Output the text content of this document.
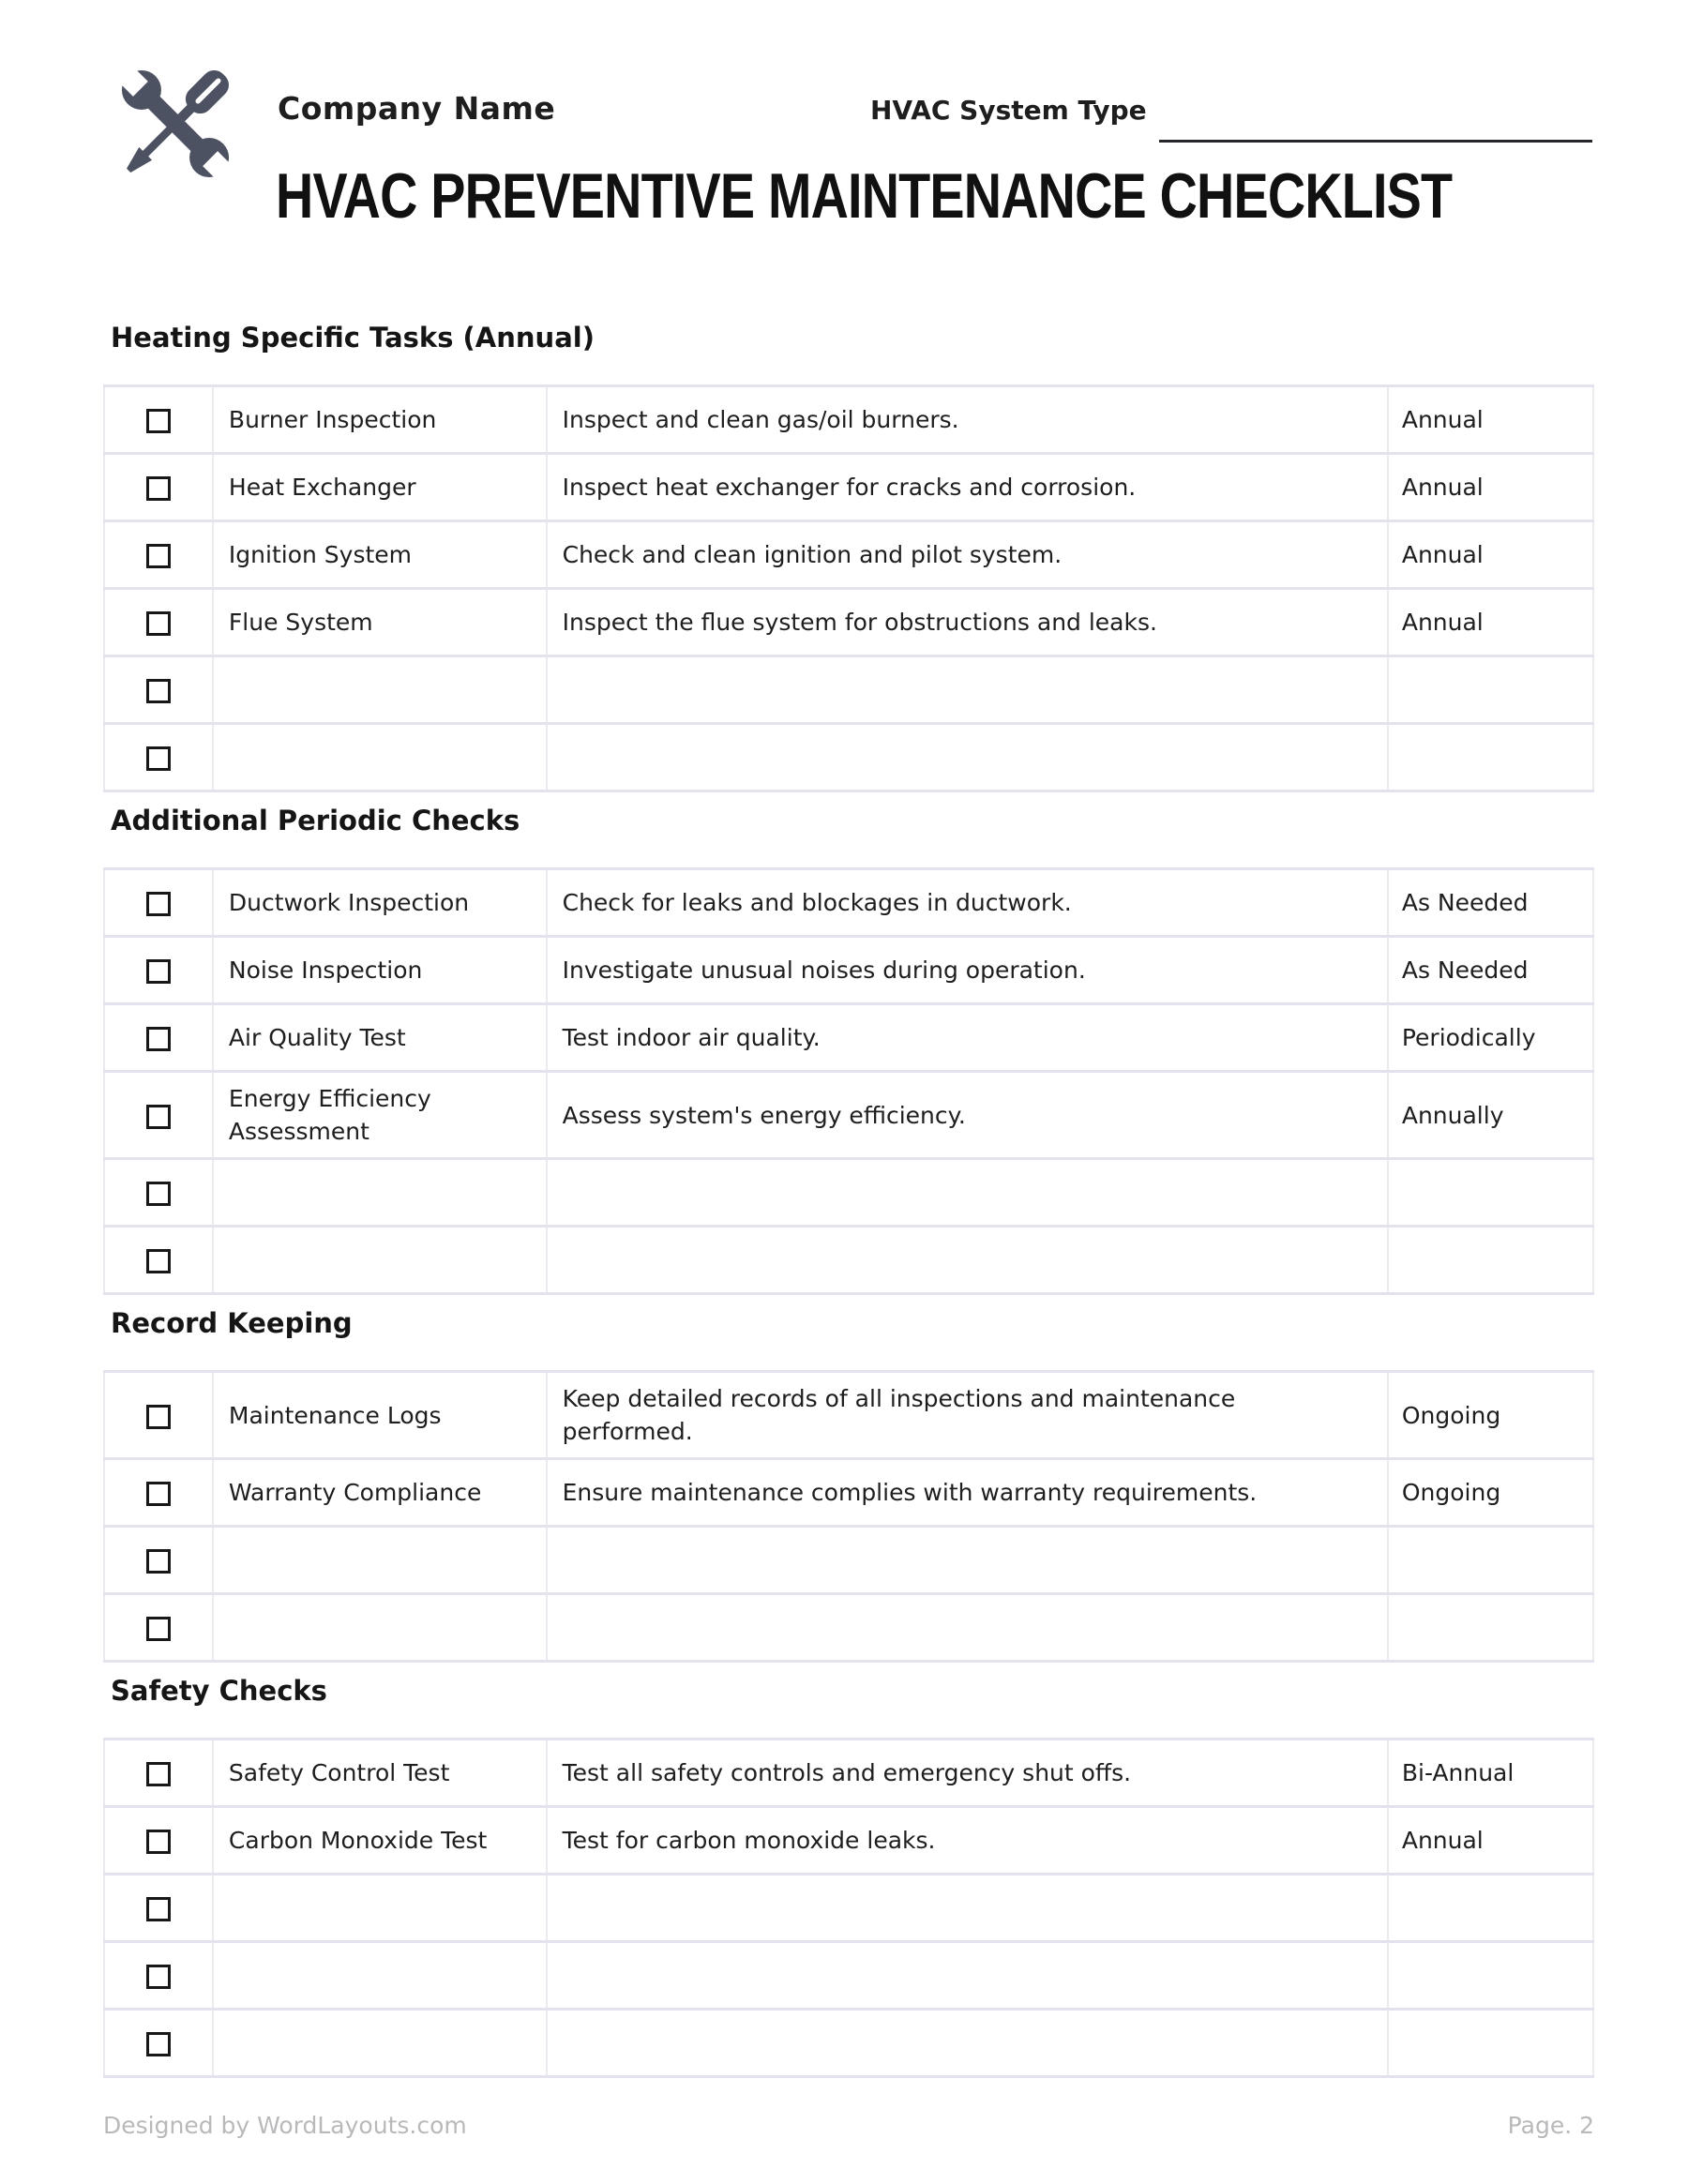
Company Name	HVAC System Type
HVAC PREVENTIVE MAINTENANCE CHECKLIST
Heating Specific Tasks (Annual)
	Burner Inspection	Inspect and clean gas/oil burners.	Annual
	Heat Exchanger	Inspect heat exchanger for cracks and corrosion.	Annual
	Ignition System	Check and clean ignition and pilot system.	Annual
	Flue System	Inspect the flue system for obstructions and leaks.	Annual

Additional Periodic Checks
	Ductwork Inspection	Check for leaks and blockages in ductwork.	As Needed
	Noise Inspection	Investigate unusual noises during operation.	As Needed
	Air Quality Test	Test indoor air quality.	Periodically
	Energy Efficiency Assessment	Assess system's energy efficiency.	Annually

Record Keeping
	Maintenance Logs	Keep detailed records of all inspections and maintenance performed.	Ongoing
	Warranty Compliance	Ensure maintenance complies with warranty requirements.	Ongoing

Safety Checks
	Safety Control Test	Test all safety controls and emergency shut offs.	Bi-Annual
	Carbon Monoxide Test	Test for carbon monoxide leaks.	Annual

Designed by WordLayouts.com	Page. 2
